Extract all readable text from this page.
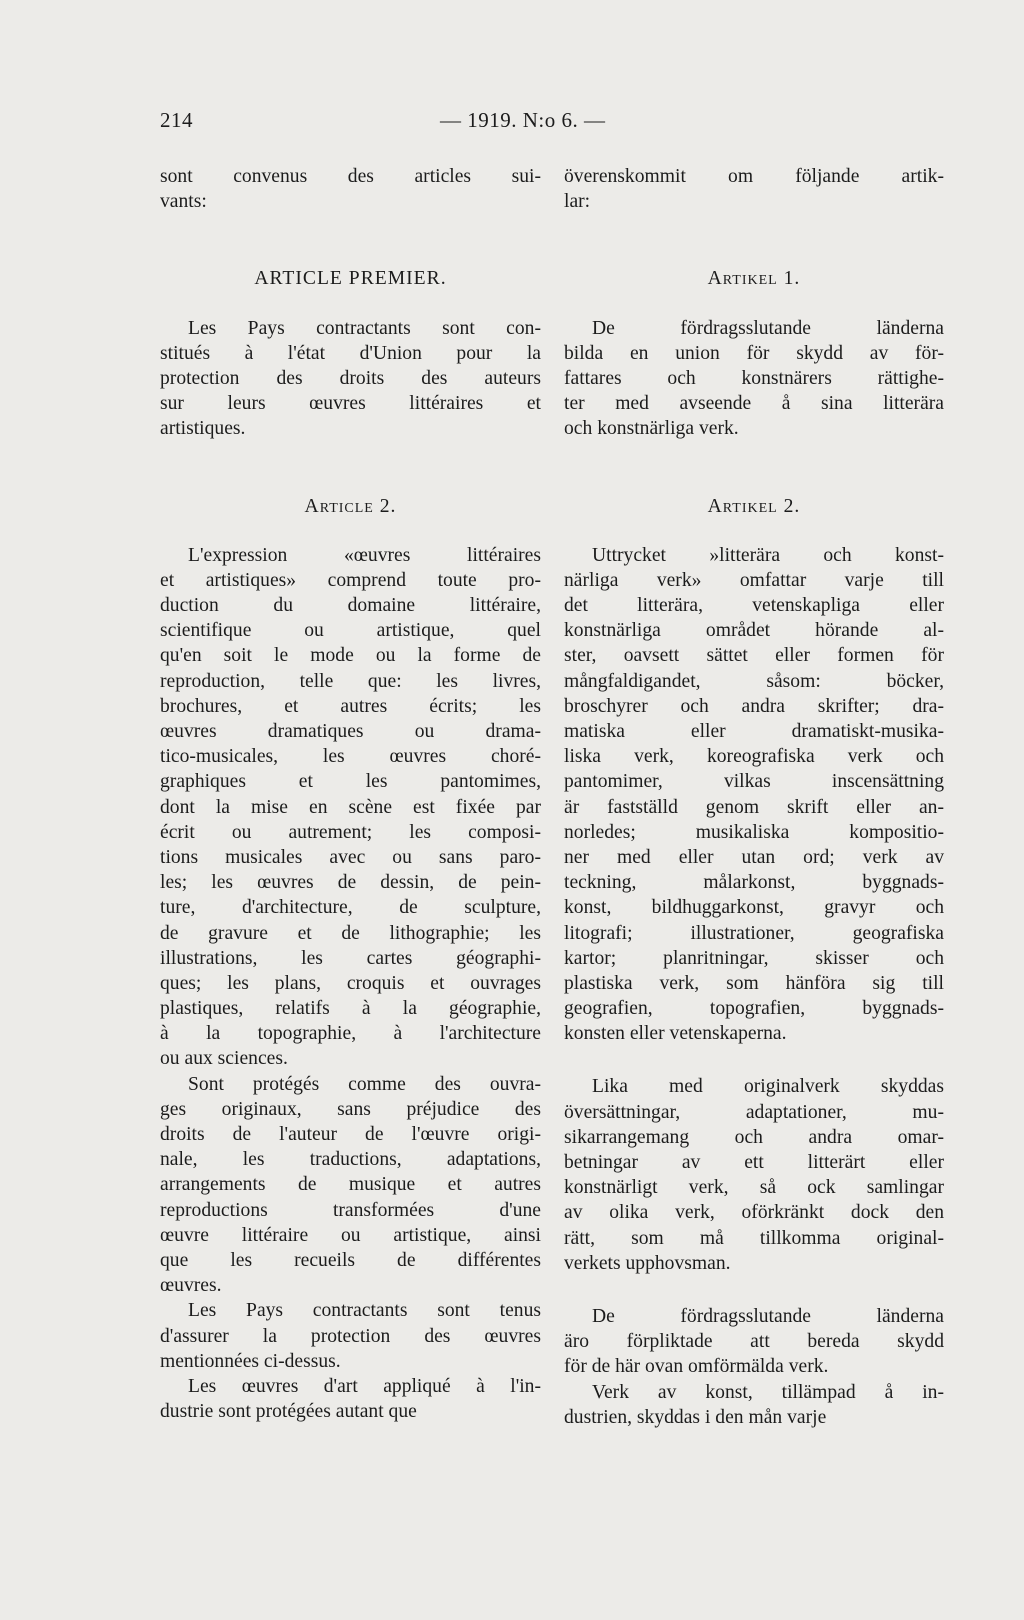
214	— 1919. N:o 6. —
sont convenus des articles sui-
vants:
ARTICLE PREMIER.
Les Pays contractants sont con-
stitués à l'état d'Union pour la
protection des droits des auteurs
sur leurs œuvres littéraires et
artistiques.
Article 2.
L'expression «œuvres littéraires
et artistiques» comprend toute pro-
duction du domaine littéraire,
scientifique ou artistique, quel
qu'en soit le mode ou la forme de
reproduction, telle que: les livres,
brochures, et autres écrits; les
œuvres dramatiques ou drama-
tico-musicales, les œuvres choré-
graphiques et les pantomimes,
dont la mise en scène est fixée par
écrit ou autrement; les composi-
tions musicales avec ou sans paro-
les; les œuvres de dessin, de pein-
ture, d'architecture, de sculpture,
de gravure et de lithographie; les
illustrations, les cartes géographi-
ques; les plans, croquis et ouvrages
plastiques, relatifs à la géographie,
à la topographie, à l'architecture
ou aux sciences.
Sont protégés comme des ouvra-
ges originaux, sans préjudice des
droits de l'auteur de l'œuvre origi-
nale, les traductions, adaptations,
arrangements de musique et autres
reproductions transformées d'une
œuvre littéraire ou artistique, ainsi
que les recueils de différentes
œuvres.
Les Pays contractants sont tenus
d'assurer la protection des œuvres
mentionnées ci-dessus.
Les œuvres d'art appliqué à l'in-
dustrie sont protégées autant que
överenskommit om följande artik-
lar:
Artikel 1.
De fördragsslutande länderna
bilda en union för skydd av för-
fattares och konstnärers rättighe-
ter med avseende å sina litterära
och konstnärliga verk.
Artikel 2.
Uttrycket »litterära och konst-
närliga verk» omfattar varje till
det litterära, vetenskapliga eller
konstnärliga området hörande al-
ster, oavsett sättet eller formen för
mångfaldigandet, såsom: böcker,
broschyrer och andra skrifter; dra-
matiska eller dramatiskt-musika-
liska verk, koreografiska verk och
pantomimer, vilkas inscensättning
är fastställd genom skrift eller an-
norledes; musikaliska kompositio-
ner med eller utan ord; verk av
teckning, målarkonst, byggnads-
konst, bildhuggarkonst, gravyr och
litografi; illustrationer, geografiska
kartor; planritningar, skisser och
plastiska verk, som hänföra sig till
geografien, topografien, byggnads-
konsten eller vetenskaperna.
Lika med originalverk skyddas
översättningar, adaptationer, mu-
sikarrangemang och andra omar-
betningar av ett litterärt eller
konstnärligt verk, så ock samlingar
av olika verk, oförkränkt dock den
rätt, som må tillkomma original-
verkets upphovsman.
De fördragsslutande länderna
äro förpliktade att bereda skydd
för de här ovan omförmälda verk.
Verk av konst, tillämpad å in-
dustrien, skyddas i den mån varje
